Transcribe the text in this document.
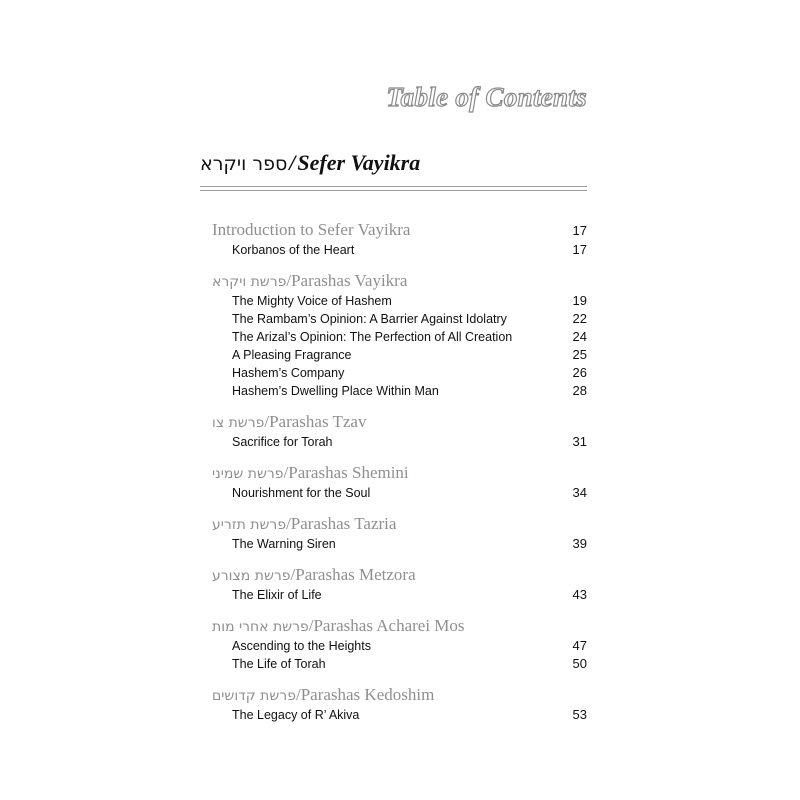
Table of Contents
ספר ויקרא/Sefer Vayikra
Introduction to Sefer Vayikra	17
Korbanos of the Heart	17
פרשת ויקרא/Parashas Vayikra
The Mighty Voice of Hashem	19
The Rambam’s Opinion: A Barrier Against Idolatry	22
The Arizal’s Opinion: The Perfection of All Creation	24
A Pleasing Fragrance	25
Hashem’s Company	26
Hashem’s Dwelling Place Within Man	28
פרשת צו/Parashas Tzav
Sacrifice for Torah	31
פרשת שמיני/Parashas Shemini
Nourishment for the Soul	34
פרשת תזריע/Parashas Tazria
The Warning Siren	39
פרשת מצורע/Parashas Metzora
The Elixir of Life	43
פרשת אחרי מות/Parashas Acharei Mos
Ascending to the Heights	47
The Life of Torah	50
פרשת קדושים/Parashas Kedoshim
The Legacy of R’ Akiva	53
